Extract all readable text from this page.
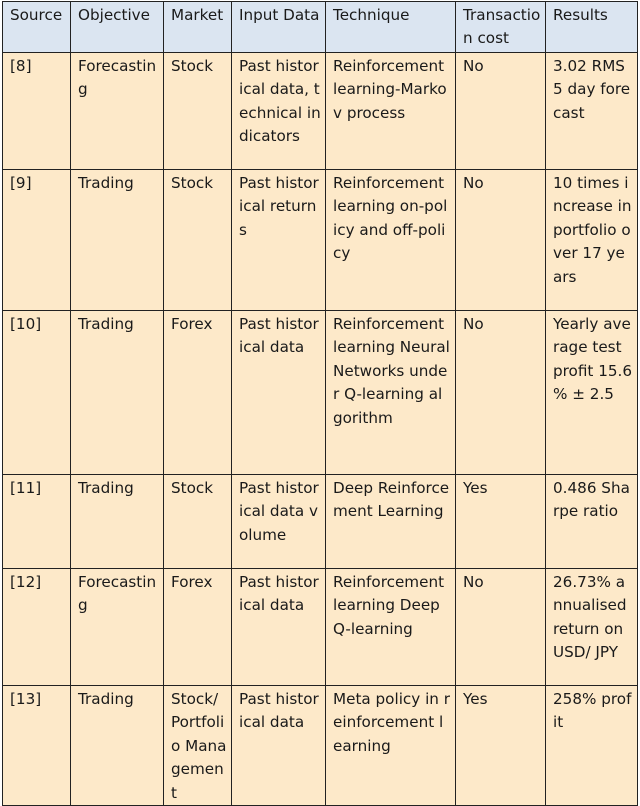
Source	Objective	Market	Input Data	Technique	Transaction cost	Results
[8]	Forecasting	Stock	Past historical data, technical indicators	Reinforcement learning-Markov process	No	3.02 RMS 5 day forecast
[9]	Trading	Stock	Past historical returns	Reinforcement learning on-policy and off-policy	No	10 times increase in portfolio over 17 years
[10]	Trading	Forex	Past historical data	Reinforcement learning Neural Networks under Q-learning algorithm	No	Yearly average test profit 15.6 % ± 2.5
[11]	Trading	Stock	Past historical data volume	Deep Reinforcement Learning	Yes	0.486 Sharpe ratio
[12]	Forecasting	Forex	Past historical data	Reinforcement learning Deep Q-learning	No	26.73% annualised return on USD/ JPY
[13]	Trading	Stock/ Portfolio Management	Past historical data	Meta policy in reinforcement learning	Yes	258% profit
